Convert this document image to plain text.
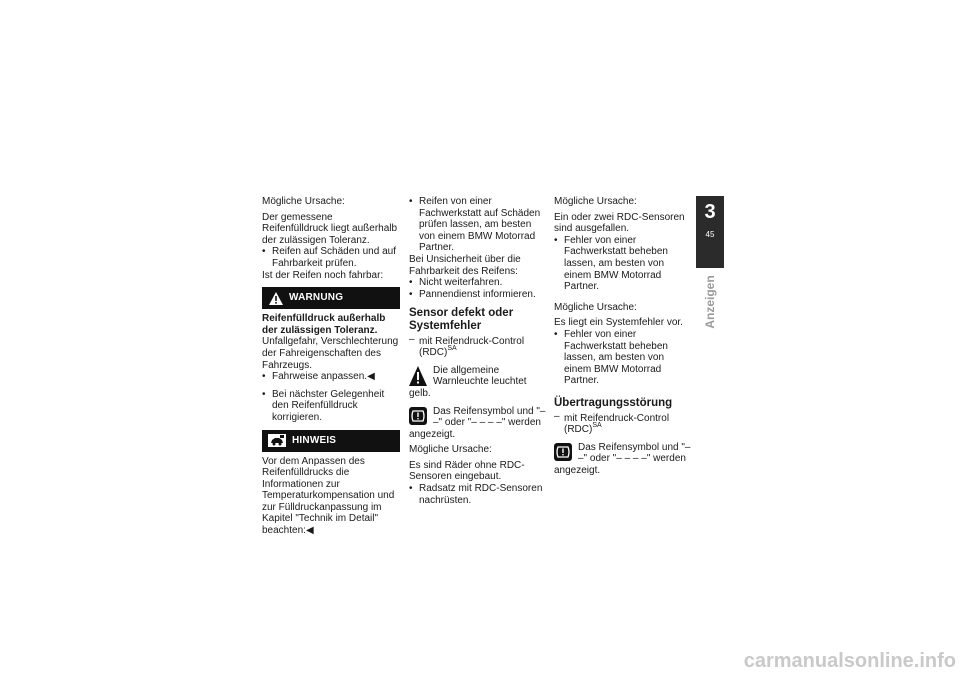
Mögliche Ursache:

Der gemessene Reifenfülldruck liegt außerhalb der zulässigen Toleranz.

• Reifen auf Schäden und auf Fahrbarkeit prüfen.

Ist der Reifen noch fahrbar:

WARNUNG

Reifenfülldruck außerhalb der zulässigen Toleranz.

Unfallgefahr, Verschlechterung der Fahreigenschaften des Fahrzeugs.

• Fahrweise anpassen.◀
• Bei nächster Gelegenheit den Reifenfülldruck korrigieren.
HINWEIS

Vor dem Anpassen des Reifenfülldrucks die Informationen zur Temperaturkompensation und zur Fülldruckanpassung im Kapitel "Technik im Detail" beachten:◀

• Reifen von einer Fachwerkstatt auf Schäden prüfen lassen, am besten von einem BMW Motorrad Partner.

Bei Unsicherheit über die Fahrbarkeit des Reifens:

• Nicht weiterfahren.
• Pannendienst informieren.
Sensor defekt oder Systemfehler
– mit Reifendruck-Control (RDC)$^{SA}$
Die allgemeine Warnleuchte leuchtet gelb.
Das Reifensymbol und "– –" oder "– – – –" werden angezeigt.

Mögliche Ursache:

Es sind Räder ohne RDC-Sensoren eingebaut.

• Radsatz mit RDC-Sensoren nachrüsten.

Mögliche Ursache:

Ein oder zwei RDC-Sensoren sind ausgefallen.

• Fehler von einer Fachwerkstatt beheben lassen, am besten von einem BMW Motorrad Partner.

Mögliche Ursache:

Es liegt ein Systemfehler vor.

• Fehler von einer Fachwerkstatt beheben lassen, am besten von einem BMW Motorrad Partner.
Übertragungsstörung
– mit Reifendruck-Control (RDC)$^{SA}$
Das Reifensymbol und "– –" oder "– – – –" werden angezeigt.
3
45
Anzeigen
carmanualsonline.info
